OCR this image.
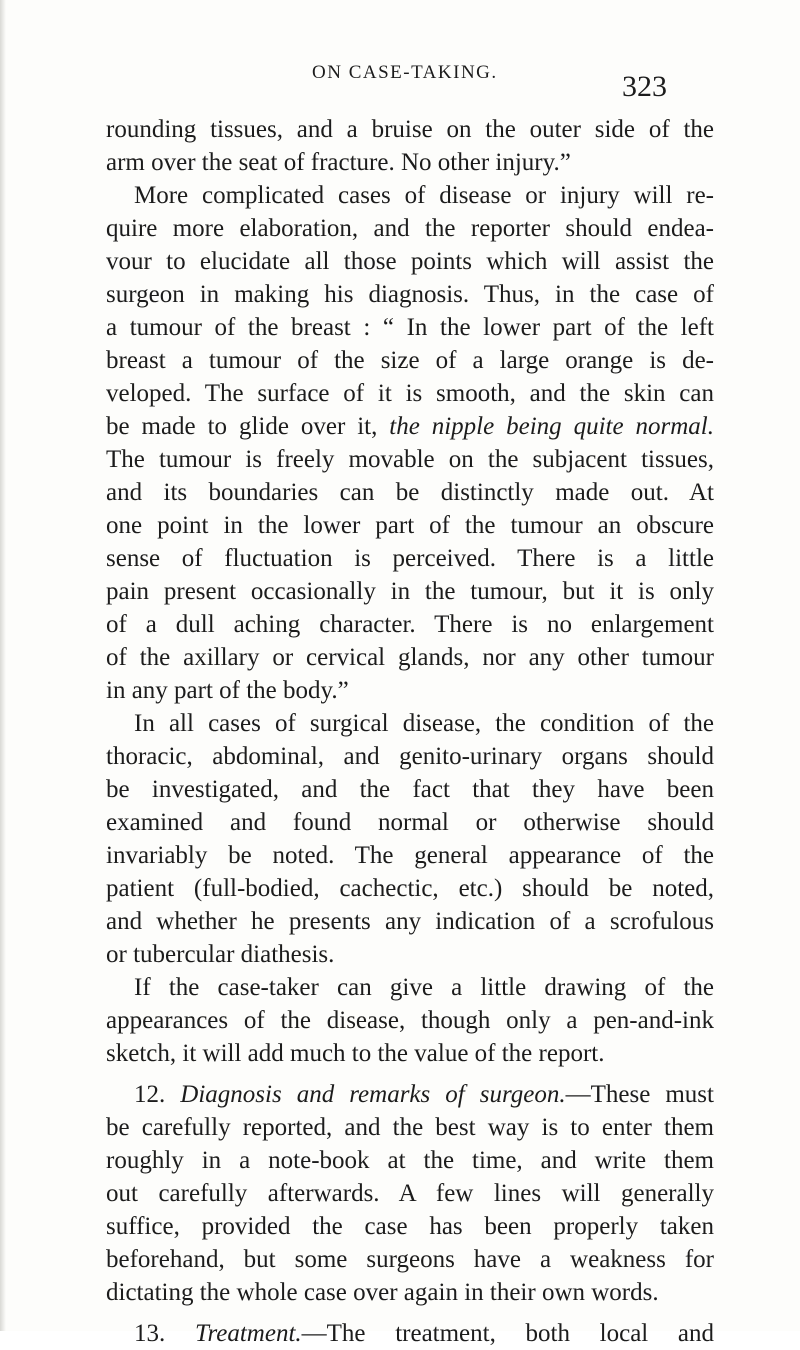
ON CASE-TAKING.	323
rounding tissues, and a bruise on the outer side of the
arm over the seat of fracture. No other injury.”
More complicated cases of disease or injury will re-
quire more elaboration, and the reporter should endea-
vour to elucidate all those points which will assist the
surgeon in making his diagnosis. Thus, in the case of
a tumour of the breast : “ In the lower part of the left
breast a tumour of the size of a large orange is de-
veloped. The surface of it is smooth, and the skin can
be made to glide over it, the nipple being quite normal.
The tumour is freely movable on the subjacent tissues,
and its boundaries can be distinctly made out. At
one point in the lower part of the tumour an obscure
sense of fluctuation is perceived. There is a little
pain present occasionally in the tumour, but it is only
of a dull aching character. There is no enlargement
of the axillary or cervical glands, nor any other tumour
in any part of the body.”
In all cases of surgical disease, the condition of the
thoracic, abdominal, and genito-urinary organs should
be investigated, and the fact that they have been
examined and found normal or otherwise should
invariably be noted. The general appearance of the
patient (full-bodied, cachectic, etc.) should be noted,
and whether he presents any indication of a scrofulous
or tubercular diathesis.
If the case-taker can give a little drawing of the
appearances of the disease, though only a pen-and-ink
sketch, it will add much to the value of the report.
12. Diagnosis and remarks of surgeon.—These must
be carefully reported, and the best way is to enter them
roughly in a note-book at the time, and write them
out carefully afterwards. A few lines will generally
suffice, provided the case has been properly taken
beforehand, but some surgeons have a weakness for
dictating the whole case over again in their own words.
13. Treatment.—The treatment, both local and
